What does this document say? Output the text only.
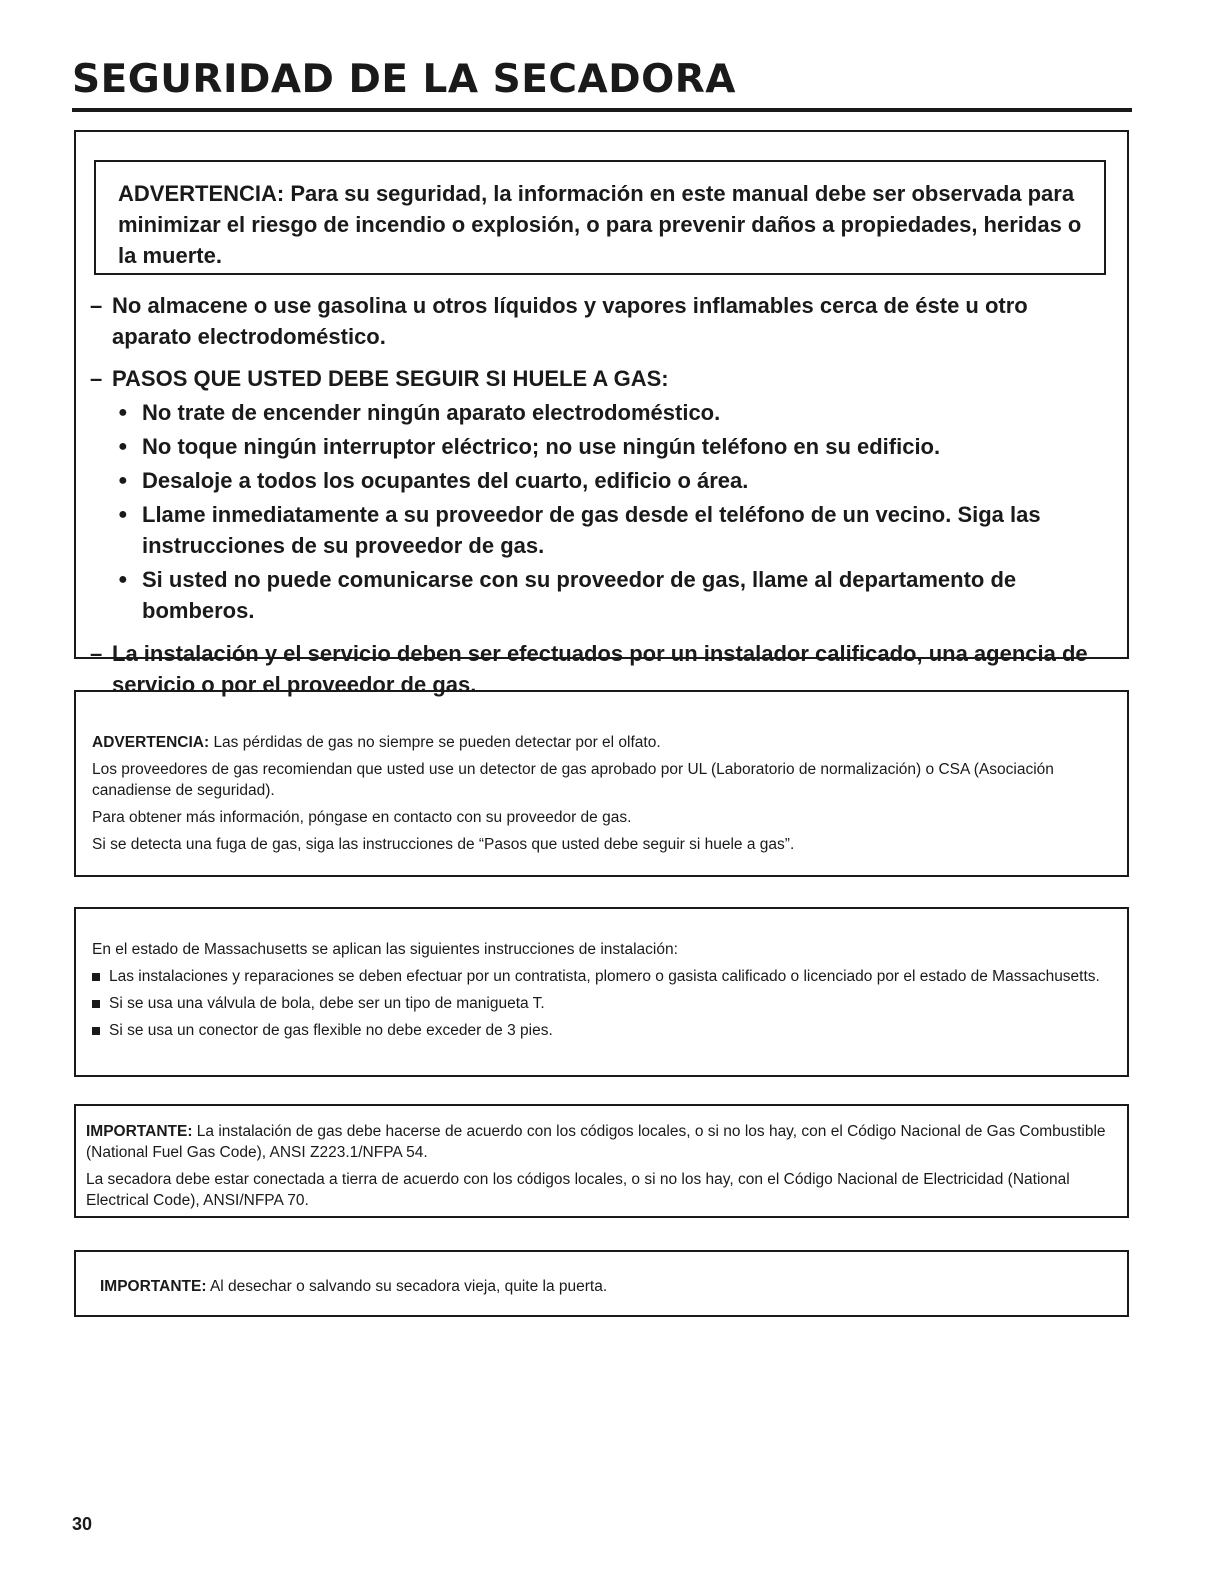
SEGURIDAD DE LA SECADORA
ADVERTENCIA: Para su seguridad, la información en este manual debe ser observada para minimizar el riesgo de incendio o explosión, o para prevenir daños a propiedades, heridas o la muerte.
– No almacene o use gasolina u otros líquidos y vapores inflamables cerca de éste u otro aparato electrodoméstico.
– PASOS QUE USTED DEBE SEGUIR SI HUELE A GAS:
● No trate de encender ningún aparato electrodoméstico.
● No toque ningún interruptor eléctrico; no use ningún teléfono en su edificio.
● Desaloje a todos los ocupantes del cuarto, edificio o área.
● Llame inmediatamente a su proveedor de gas desde el teléfono de un vecino. Siga las instrucciones de su proveedor de gas.
● Si usted no puede comunicarse con su proveedor de gas, llame al departamento de bomberos.
– La instalación y el servicio deben ser efectuados por un instalador calificado, una agencia de servicio o por el proveedor de gas.

ADVERTENCIA: Las pérdidas de gas no siempre se pueden detectar por el olfato.

Los proveedores de gas recomiendan que usted use un detector de gas aprobado por UL (Laboratorio de normalización) o CSA (Asociación canadiense de seguridad).

Para obtener más información, póngase en contacto con su proveedor de gas.

Si se detecta una fuga de gas, siga las instrucciones de “Pasos que usted debe seguir si huele a gas”.

En el estado de Massachusetts se aplican las siguientes instrucciones de instalación:

Las instalaciones y reparaciones se deben efectuar por un contratista, plomero o gasista calificado o licenciado por el estado de Massachusetts.
Si se usa una válvula de bola, debe ser un tipo de manigueta T.
Si se usa un conector de gas flexible no debe exceder de 3 pies.

IMPORTANTE: La instalación de gas debe hacerse de acuerdo con los códigos locales, o si no los hay, con el Código Nacional de Gas Combustible (National Fuel Gas Code), ANSI Z223.1/NFPA 54.

La secadora debe estar conectada a tierra de acuerdo con los códigos locales, o si no los hay, con el Código Nacional de Electricidad (National Electrical Code), ANSI/NFPA 70.

IMPORTANTE: Al desechar o salvando su secadora vieja, quite la puerta.

30
